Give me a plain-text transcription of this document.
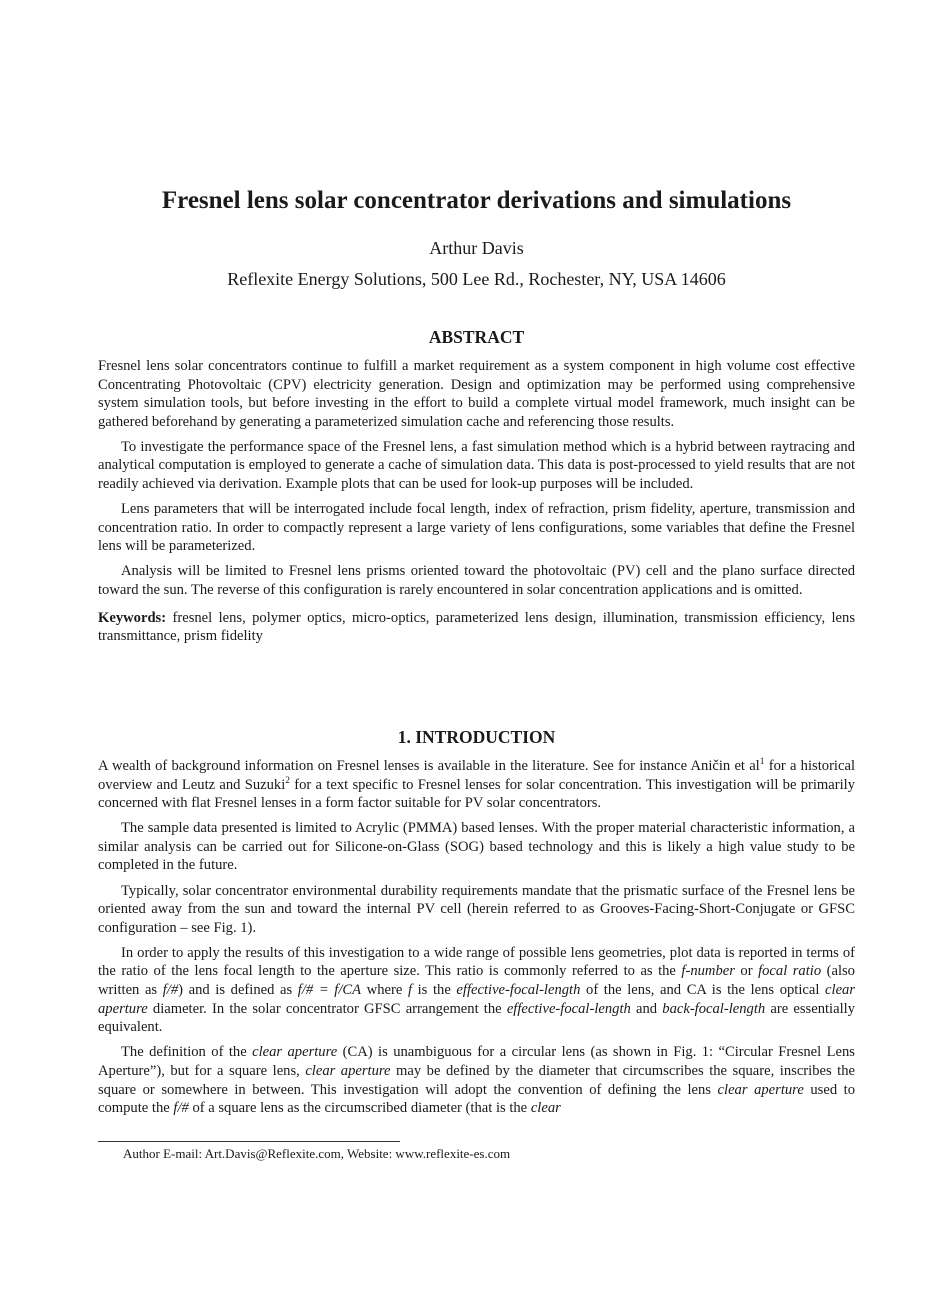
Fresnel lens solar concentrator derivations and simulations
Arthur Davis
Reflexite Energy Solutions, 500 Lee Rd., Rochester, NY, USA 14606
ABSTRACT

Fresnel lens solar concentrators continue to fulfill a market requirement as a system component in high volume cost effective Concentrating Photovoltaic (CPV) electricity generation. Design and optimization may be performed using comprehensive system simulation tools, but before investing in the effort to build a complete virtual model framework, much insight can be gathered beforehand by generating a parameterized simulation cache and referencing those results.

To investigate the performance space of the Fresnel lens, a fast simulation method which is a hybrid between raytracing and analytical computation is employed to generate a cache of simulation data. This data is post-processed to yield results that are not readily achieved via derivation. Example plots that can be used for look-up purposes will be included.

Lens parameters that will be interrogated include focal length, index of refraction, prism fidelity, aperture, transmission and concentration ratio. In order to compactly represent a large variety of lens configurations, some variables that define the Fresnel lens will be parameterized.

Analysis will be limited to Fresnel lens prisms oriented toward the photovoltaic (PV) cell and the plano surface directed toward the sun. The reverse of this configuration is rarely encountered in solar concentration applications and is omitted.

Keywords: fresnel lens, polymer optics, micro-optics, parameterized lens design, illumination, transmission efficiency, lens transmittance, prism fidelity

1. INTRODUCTION

A wealth of background information on Fresnel lenses is available in the literature. See for instance Aničin et $al^1$ for a historical overview and Leutz and Suzuki$^2$ for a text specific to Fresnel lenses for solar concentration. This investigation will be primarily concerned with flat Fresnel lenses in a form factor suitable for PV solar concentrators.

The sample data presented is limited to Acrylic (PMMA) based lenses. With the proper material characteristic information, a similar analysis can be carried out for Silicone-on-Glass (SOG) based technology and this is likely a high value study to be completed in the future.

Typically, solar concentrator environmental durability requirements mandate that the prismatic surface of the Fresnel lens be oriented away from the sun and toward the internal PV cell (herein referred to as Grooves-Facing-Short-Conjugate or GFSC configuration – see Fig. 1).

In order to apply the results of this investigation to a wide range of possible lens geometries, plot data is reported in terms of the ratio of the lens focal length to the aperture size. This ratio is commonly referred to as the f-number or focal ratio (also written as f/#) and is defined as f/# = f/CA where f is the effective-focal-length of the lens, and CA is the lens optical clear aperture diameter. In the solar concentrator GFSC arrangement the effective-focal-length and back-focal-length are essentially equivalent.

The definition of the clear aperture (CA) is unambiguous for a circular lens (as shown in Fig. 1: “Circular Fresnel Lens Aperture”), but for a square lens, clear aperture may be defined by the diameter that circumscribes the square, inscribes the square or somewhere in between. This investigation will adopt the convention of defining the lens clear aperture used to compute the f/# of a square lens as the circumscribed diameter (that is the clear

Author E-mail: Art.Davis@Reflexite.com, Website: www.reflexite-es.com
